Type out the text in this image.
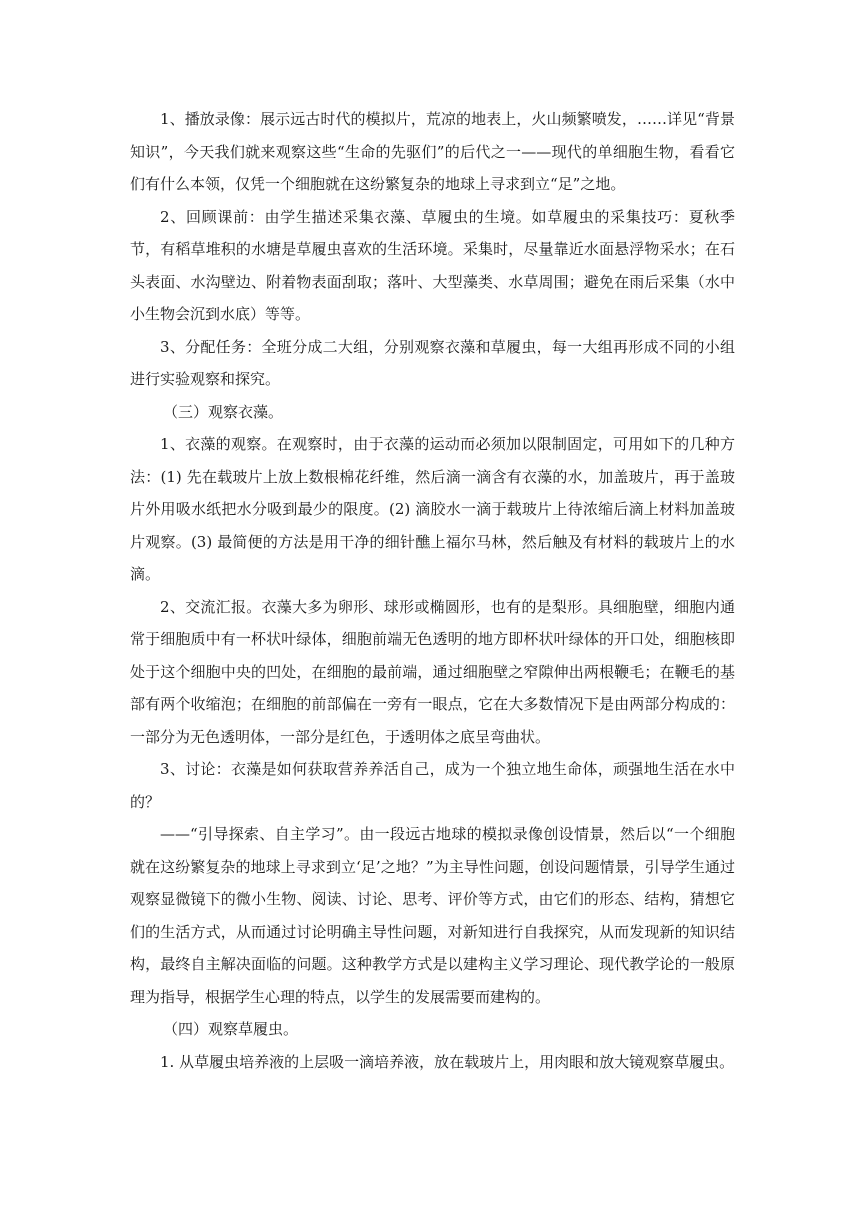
1、播放录像：展示远古时代的模拟片，荒凉的地表上，火山频繁喷发，……详见“背景知识”，今天我们就来观察这些“生命的先驱们”的后代之一——现代的单细胞生物，看看它们有什么本领，仅凭一个细胞就在这纷繁复杂的地球上寻求到立“足”之地。

2、回顾课前：由学生描述采集衣藻、草履虫的生境。如草履虫的采集技巧：夏秋季节，有稻草堆积的水塘是草履虫喜欢的生活环境。采集时，尽量靠近水面悬浮物采水；在石头表面、水沟壁边、附着物表面刮取；落叶、大型藻类、水草周围；避免在雨后采集（水中小生物会沉到水底）等等。

3、分配任务：全班分成二大组，分别观察衣藻和草履虫，每一大组再形成不同的小组进行实验观察和探究。

（三）观察衣藻。

1、衣藻的观察。在观察时，由于衣藻的运动而必须加以限制固定，可用如下的几种方法：(1) 先在载玻片上放上数根棉花纤维，然后滴一滴含有衣藻的水，加盖玻片，再于盖玻片外用吸水纸把水分吸到最少的限度。(2) 滴胶水一滴于载玻片上待浓缩后滴上材料加盖玻片观察。(3) 最简便的方法是用干净的细针醮上福尔马林，然后触及有材料的载玻片上的水滴。

2、交流汇报。衣藻大多为卵形、球形或椭圆形，也有的是梨形。具细胞壁，细胞内通常于细胞质中有一杯状叶绿体，细胞前端无色透明的地方即杯状叶绿体的开口处，细胞核即处于这个细胞中央的凹处，在细胞的最前端，通过细胞壁之窄隙伸出两根鞭毛；在鞭毛的基部有两个收缩泡；在细胞的前部偏在一旁有一眼点，它在大多数情况下是由两部分构成的：一部分为无色透明体，一部分是红色，于透明体之底呈弯曲状。

3、讨论：衣藻是如何获取营养养活自己，成为一个独立地生命体，顽强地生活在水中的？

——“引导探索、自主学习”。由一段远古地球的模拟录像创设情景，然后以“一个细胞就在这纷繁复杂的地球上寻求到立‘足’之地？”为主导性问题，创设问题情景，引导学生通过观察显微镜下的微小生物、阅读、讨论、思考、评价等方式，由它们的形态、结构，猜想它们的生活方式，从而通过讨论明确主导性问题，对新知进行自我探究，从而发现新的知识结构，最终自主解决面临的问题。这种教学方式是以建构主义学习理论、现代教学论的一般原理为指导，根据学生心理的特点，以学生的发展需要而建构的。

（四）观察草履虫。

1. 从草履虫培养液的上层吸一滴培养液，放在载玻片上，用肉眼和放大镜观察草履虫。
